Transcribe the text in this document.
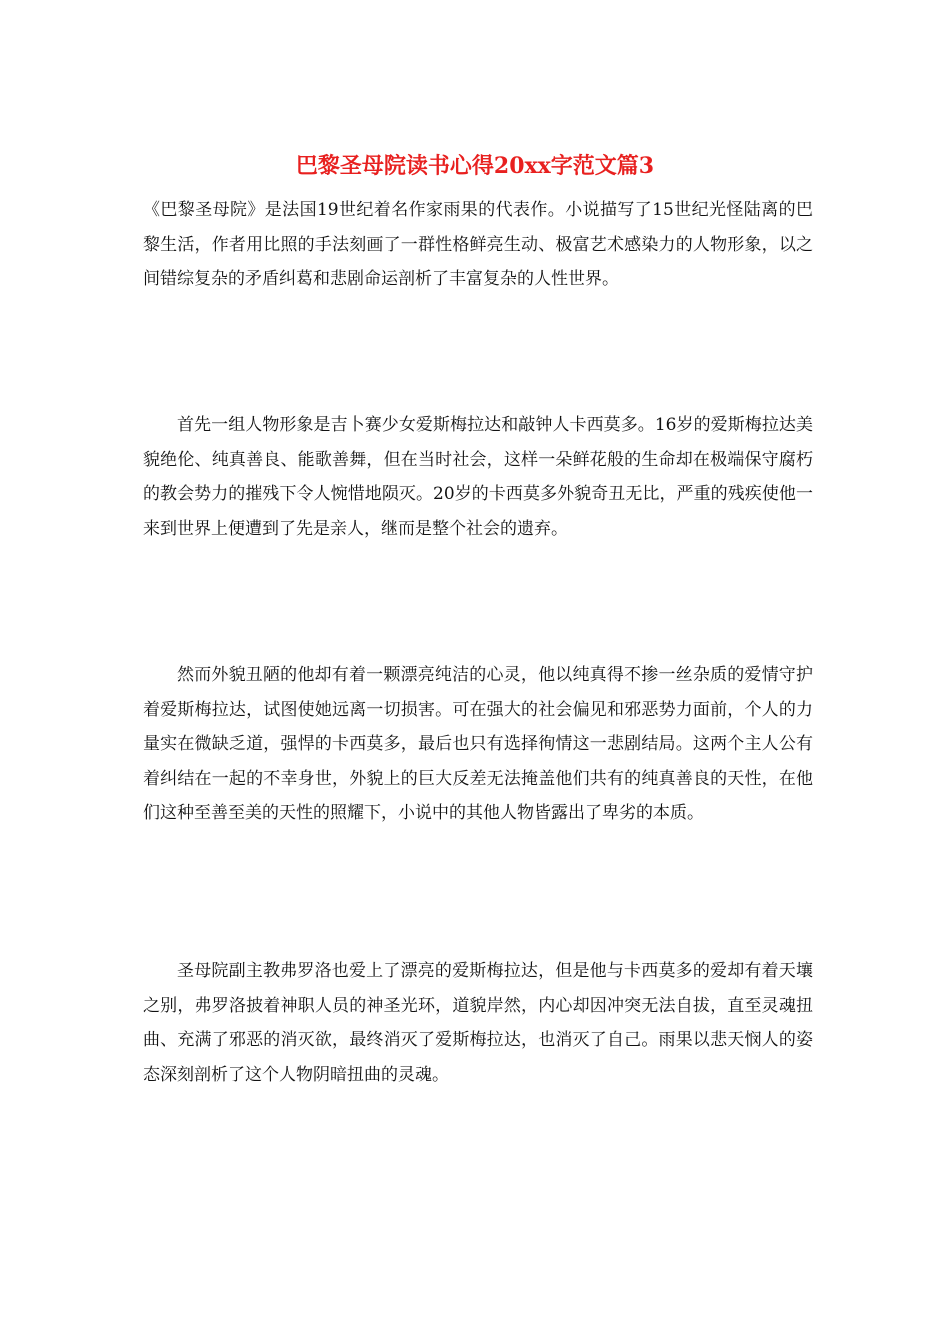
巴黎圣母院读书心得20xx字范文篇3

《巴黎圣母院》是法国19世纪着名作家雨果的代表作。小说描写了15世纪光怪陆离的巴黎生活，作者用比照的手法刻画了一群性格鲜亮生动、极富艺术感染力的人物形象，以之间错综复杂的矛盾纠葛和悲剧命运剖析了丰富复杂的人性世界。

首先一组人物形象是吉卜赛少女爱斯梅拉达和敲钟人卡西莫多。16岁的爱斯梅拉达美貌绝伦、纯真善良、能歌善舞，但在当时社会，这样一朵鲜花般的生命却在极端保守腐朽的教会势力的摧残下令人惋惜地陨灭。20岁的卡西莫多外貌奇丑无比，严重的残疾使他一来到世界上便遭到了先是亲人，继而是整个社会的遗弃。

然而外貌丑陋的他却有着一颗漂亮纯洁的心灵，他以纯真得不掺一丝杂质的爱情守护着爱斯梅拉达，试图使她远离一切损害。可在强大的社会偏见和邪恶势力面前，个人的力量实在微缺乏道，强悍的卡西莫多，最后也只有选择徇情这一悲剧结局。这两个主人公有着纠结在一起的不幸身世，外貌上的巨大反差无法掩盖他们共有的纯真善良的天性，在他们这种至善至美的天性的照耀下，小说中的其他人物皆露出了卑劣的本质。

圣母院副主教弗罗洛也爱上了漂亮的爱斯梅拉达，但是他与卡西莫多的爱却有着天壤之别，弗罗洛披着神职人员的神圣光环，道貌岸然，内心却因冲突无法自拔，直至灵魂扭曲、充满了邪恶的消灭欲，最终消灭了爱斯梅拉达，也消灭了自己。雨果以悲天悯人的姿态深刻剖析了这个人物阴暗扭曲的灵魂。
